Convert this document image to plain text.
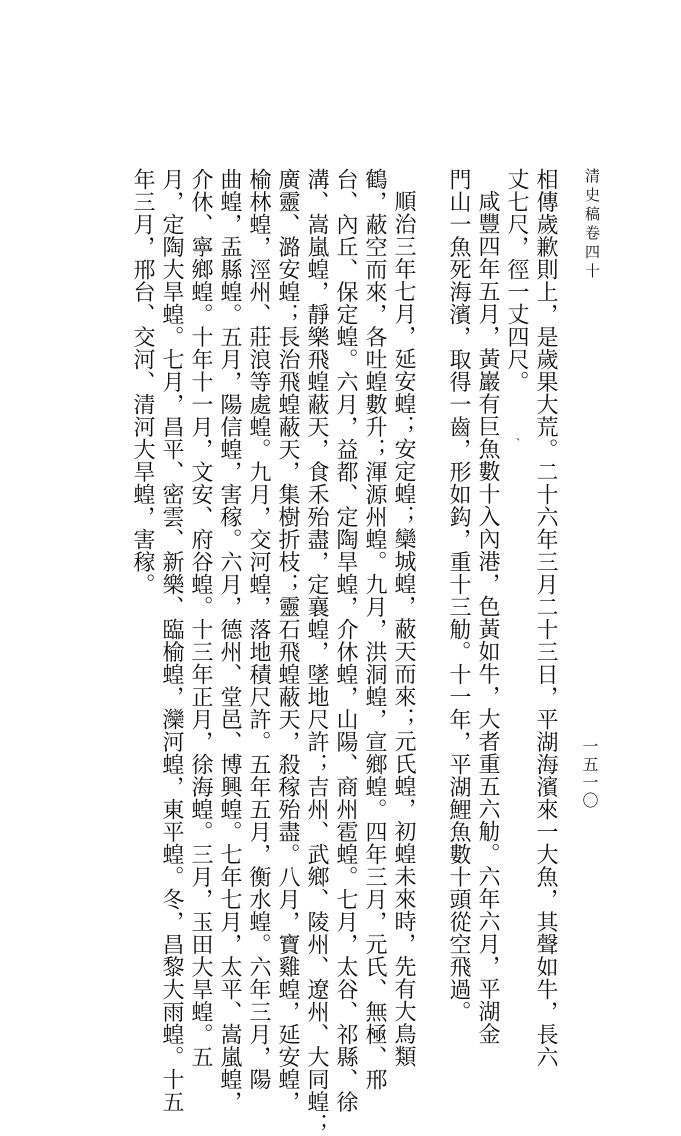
清史稿卷四十
一五一〇
相傳歲歉則上，是歲果大荒。二十六年三月二十三日，平湖海濱來一大魚，其聲如牛，長六
丈七尺，徑一丈四尺。
咸豐四年五月，黃巖有巨魚數十入內港，色黃如牛，大者重五六觔。六年六月，平湖金
門山一魚死海濱，取得一齒，形如鈎，重十三觔。十一年，平湖鯉魚數十頭從空飛過。
順治三年七月，延安蝗；安定蝗；欒城蝗，蔽天而來；元氏蝗，初蝗未來時，先有大鳥類
鶴，蔽空而來，各吐蝗數升；渾源州蝗。九月，洪洞蝗，宣鄉蝗。四年三月，元氏、無極、邢
台、內丘、保定蝗。六月，益都、定陶旱蝗，介休蝗，山陽、商州雹蝗。七月，太谷、祁縣、徐
溝、嵩嵐蝗，靜樂飛蝗蔽天，食禾殆盡，定襄蝗，墜地尺許；吉州、武鄉、陵州、遼州、大同蝗；
廣靈、潞安蝗；長治飛蝗蔽天，集樹折枝；靈石飛蝗蔽天，殺稼殆盡。八月，寶雞蝗，延安蝗，
榆林蝗，涇州、莊浪等處蝗。九月，交河蝗，落地積尺許。五年五月，衡水蝗。六年三月，陽
曲蝗，盂縣蝗。五月，陽信蝗，害稼。六月，德州、堂邑、博興蝗。七年七月，太平、嵩嵐蝗，
介休、寧鄉蝗。十年十一月，文安、府谷蝗。十三年正月，徐海蝗。三月，玉田大旱蝗。五
月，定陶大旱蝗。七月，昌平、密雲、新樂、臨榆蝗，灤河蝗，東平蝗。冬，昌黎大雨蝗。十五
年三月，邢台、交河、清河大旱蝗，害稼。	、
